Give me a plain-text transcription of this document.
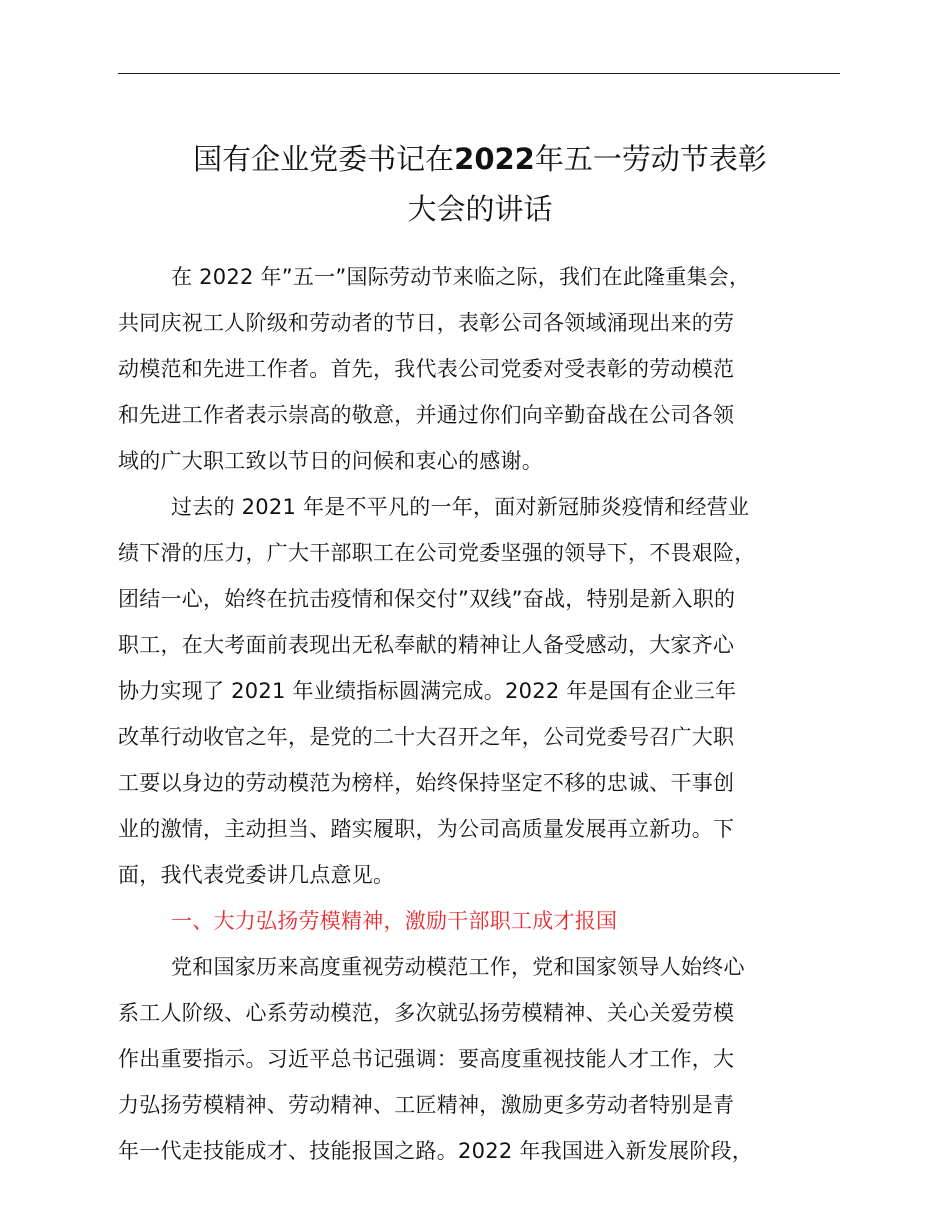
国有企业党委书记在2022年五一劳动节表彰
大会的讲话
在 2022 年”五一”国际劳动节来临之际，我们在此隆重集会，
共同庆祝工人阶级和劳动者的节日，表彰公司各领域涌现出来的劳
动模范和先进工作者。首先，我代表公司党委对受表彰的劳动模范
和先进工作者表示崇高的敬意，并通过你们向辛勤奋战在公司各领
域的广大职工致以节日的问候和衷心的感谢。
过去的 2021 年是不平凡的一年，面对新冠肺炎疫情和经营业
绩下滑的压力，广大干部职工在公司党委坚强的领导下，不畏艰险，
团结一心，始终在抗击疫情和保交付”双线”奋战，特别是新入职的
职工，在大考面前表现出无私奉献的精神让人备受感动，大家齐心
协力实现了 2021 年业绩指标圆满完成。2022 年是国有企业三年
改革行动收官之年，是党的二十大召开之年，公司党委号召广大职
工要以身边的劳动模范为榜样，始终保持坚定不移的忠诚、干事创
业的激情，主动担当、踏实履职，为公司高质量发展再立新功。下
面，我代表党委讲几点意见。
一、大力弘扬劳模精神，激励干部职工成才报国
党和国家历来高度重视劳动模范工作，党和国家领导人始终心
系工人阶级、心系劳动模范，多次就弘扬劳模精神、关心关爱劳模
作出重要指示。习近平总书记强调：要高度重视技能人才工作，大
力弘扬劳模精神、劳动精神、工匠精神，激励更多劳动者特别是青
年一代走技能成才、技能报国之路。2022 年我国进入新发展阶段，
